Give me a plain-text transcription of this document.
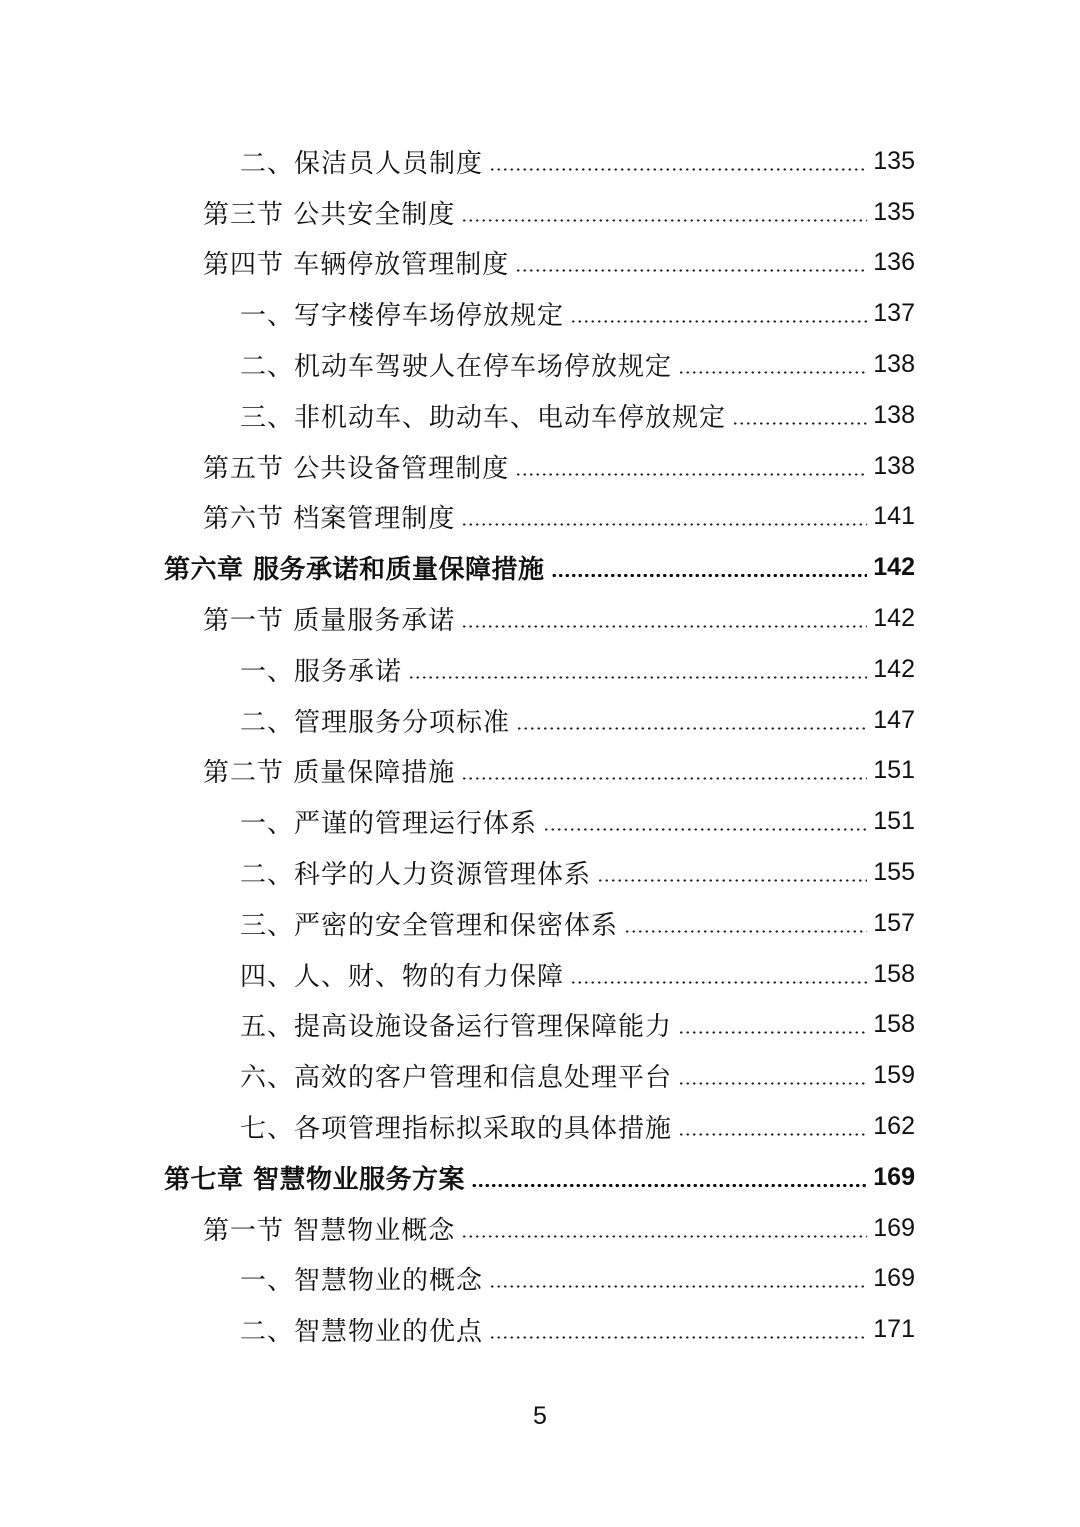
二、保洁员人员制度	135
第三节 公共安全制度	135
第四节 车辆停放管理制度	136
一、写字楼停车场停放规定	137
二、机动车驾驶人在停车场停放规定	138
三、非机动车、助动车、电动车停放规定	138
第五节 公共设备管理制度	138
第六节 档案管理制度	141
第六章 服务承诺和质量保障措施	142
第一节 质量服务承诺	142
一、服务承诺	142
二、管理服务分项标准	147
第二节 质量保障措施	151
一、严谨的管理运行体系	151
二、科学的人力资源管理体系	155
三、严密的安全管理和保密体系	157
四、人、财、物的有力保障	158
五、提高设施设备运行管理保障能力	158
六、高效的客户管理和信息处理平台	159
七、各项管理指标拟采取的具体措施	162
第七章 智慧物业服务方案	169
第一节 智慧物业概念	169
一、智慧物业的概念	169
二、智慧物业的优点	171
5
